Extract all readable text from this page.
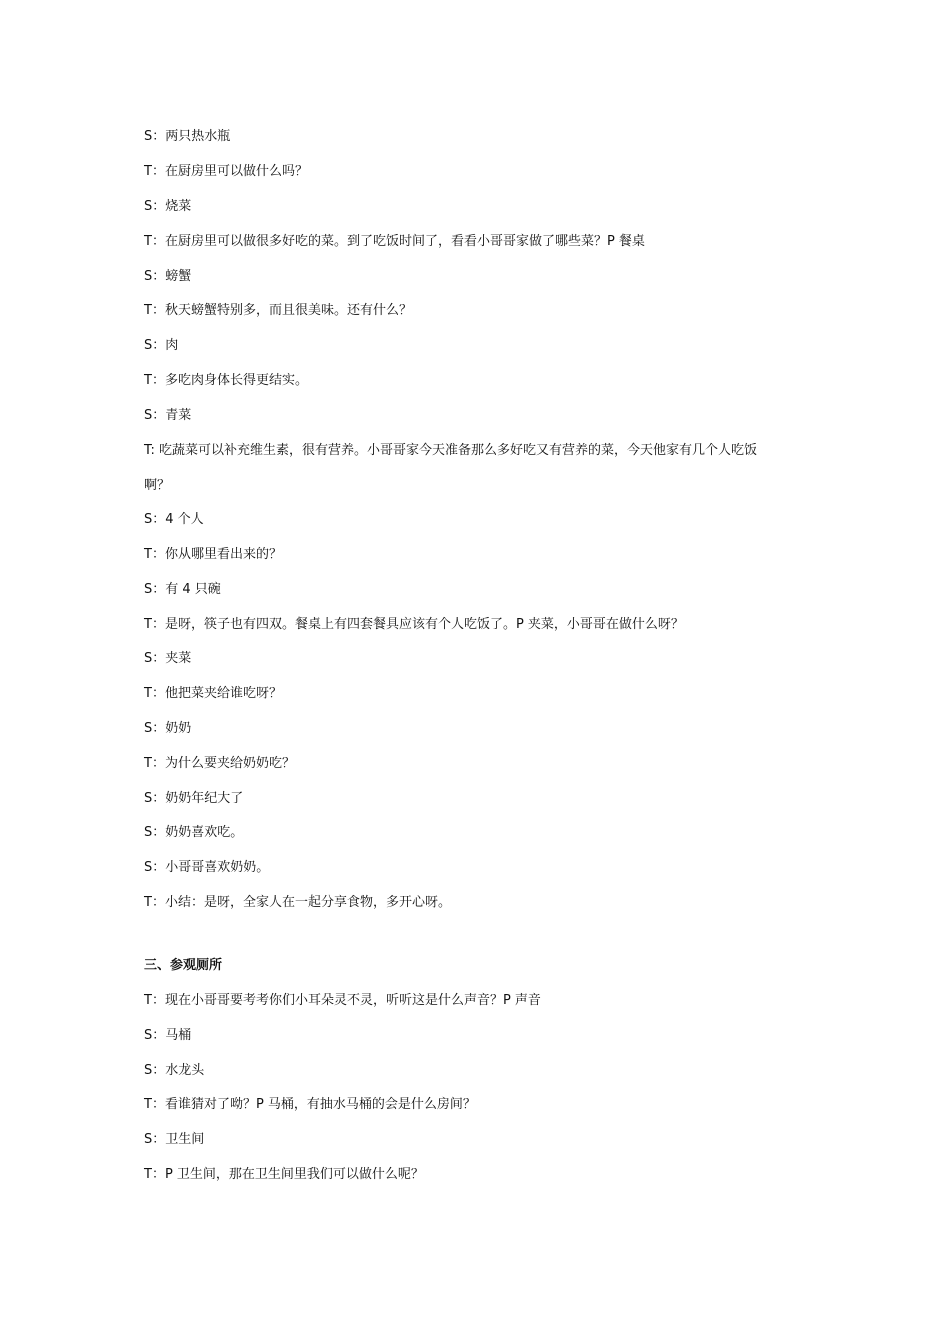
S：两只热水瓶
T：在厨房里可以做什么吗？
S：烧菜
T：在厨房里可以做很多好吃的菜。到了吃饭时间了，看看小哥哥家做了哪些菜？P 餐桌
S：螃蟹
T：秋天螃蟹特别多，而且很美味。还有什么？
S：肉
T：多吃肉身体长得更结实。
S：青菜
T: 吃蔬菜可以补充维生素，很有营养。小哥哥家今天准备那么多好吃又有营养的菜，今天他家有几个人吃饭
啊？
S：4 个人
T：你从哪里看出来的？
S：有 4 只碗
T：是呀，筷子也有四双。餐桌上有四套餐具应该有个人吃饭了。P 夹菜，小哥哥在做什么呀？
S：夹菜
T：他把菜夹给谁吃呀？
S：奶奶
T：为什么要夹给奶奶吃？
S：奶奶年纪大了
S：奶奶喜欢吃。
S：小哥哥喜欢奶奶。
T：小结：是呀，全家人在一起分享食物，多开心呀。
三、参观厕所
T：现在小哥哥要考考你们小耳朵灵不灵，听听这是什么声音？P 声音
S：马桶
S：水龙头
T：看谁猜对了呦？P 马桶，有抽水马桶的会是什么房间？
S：卫生间
T：P 卫生间，那在卫生间里我们可以做什么呢？
